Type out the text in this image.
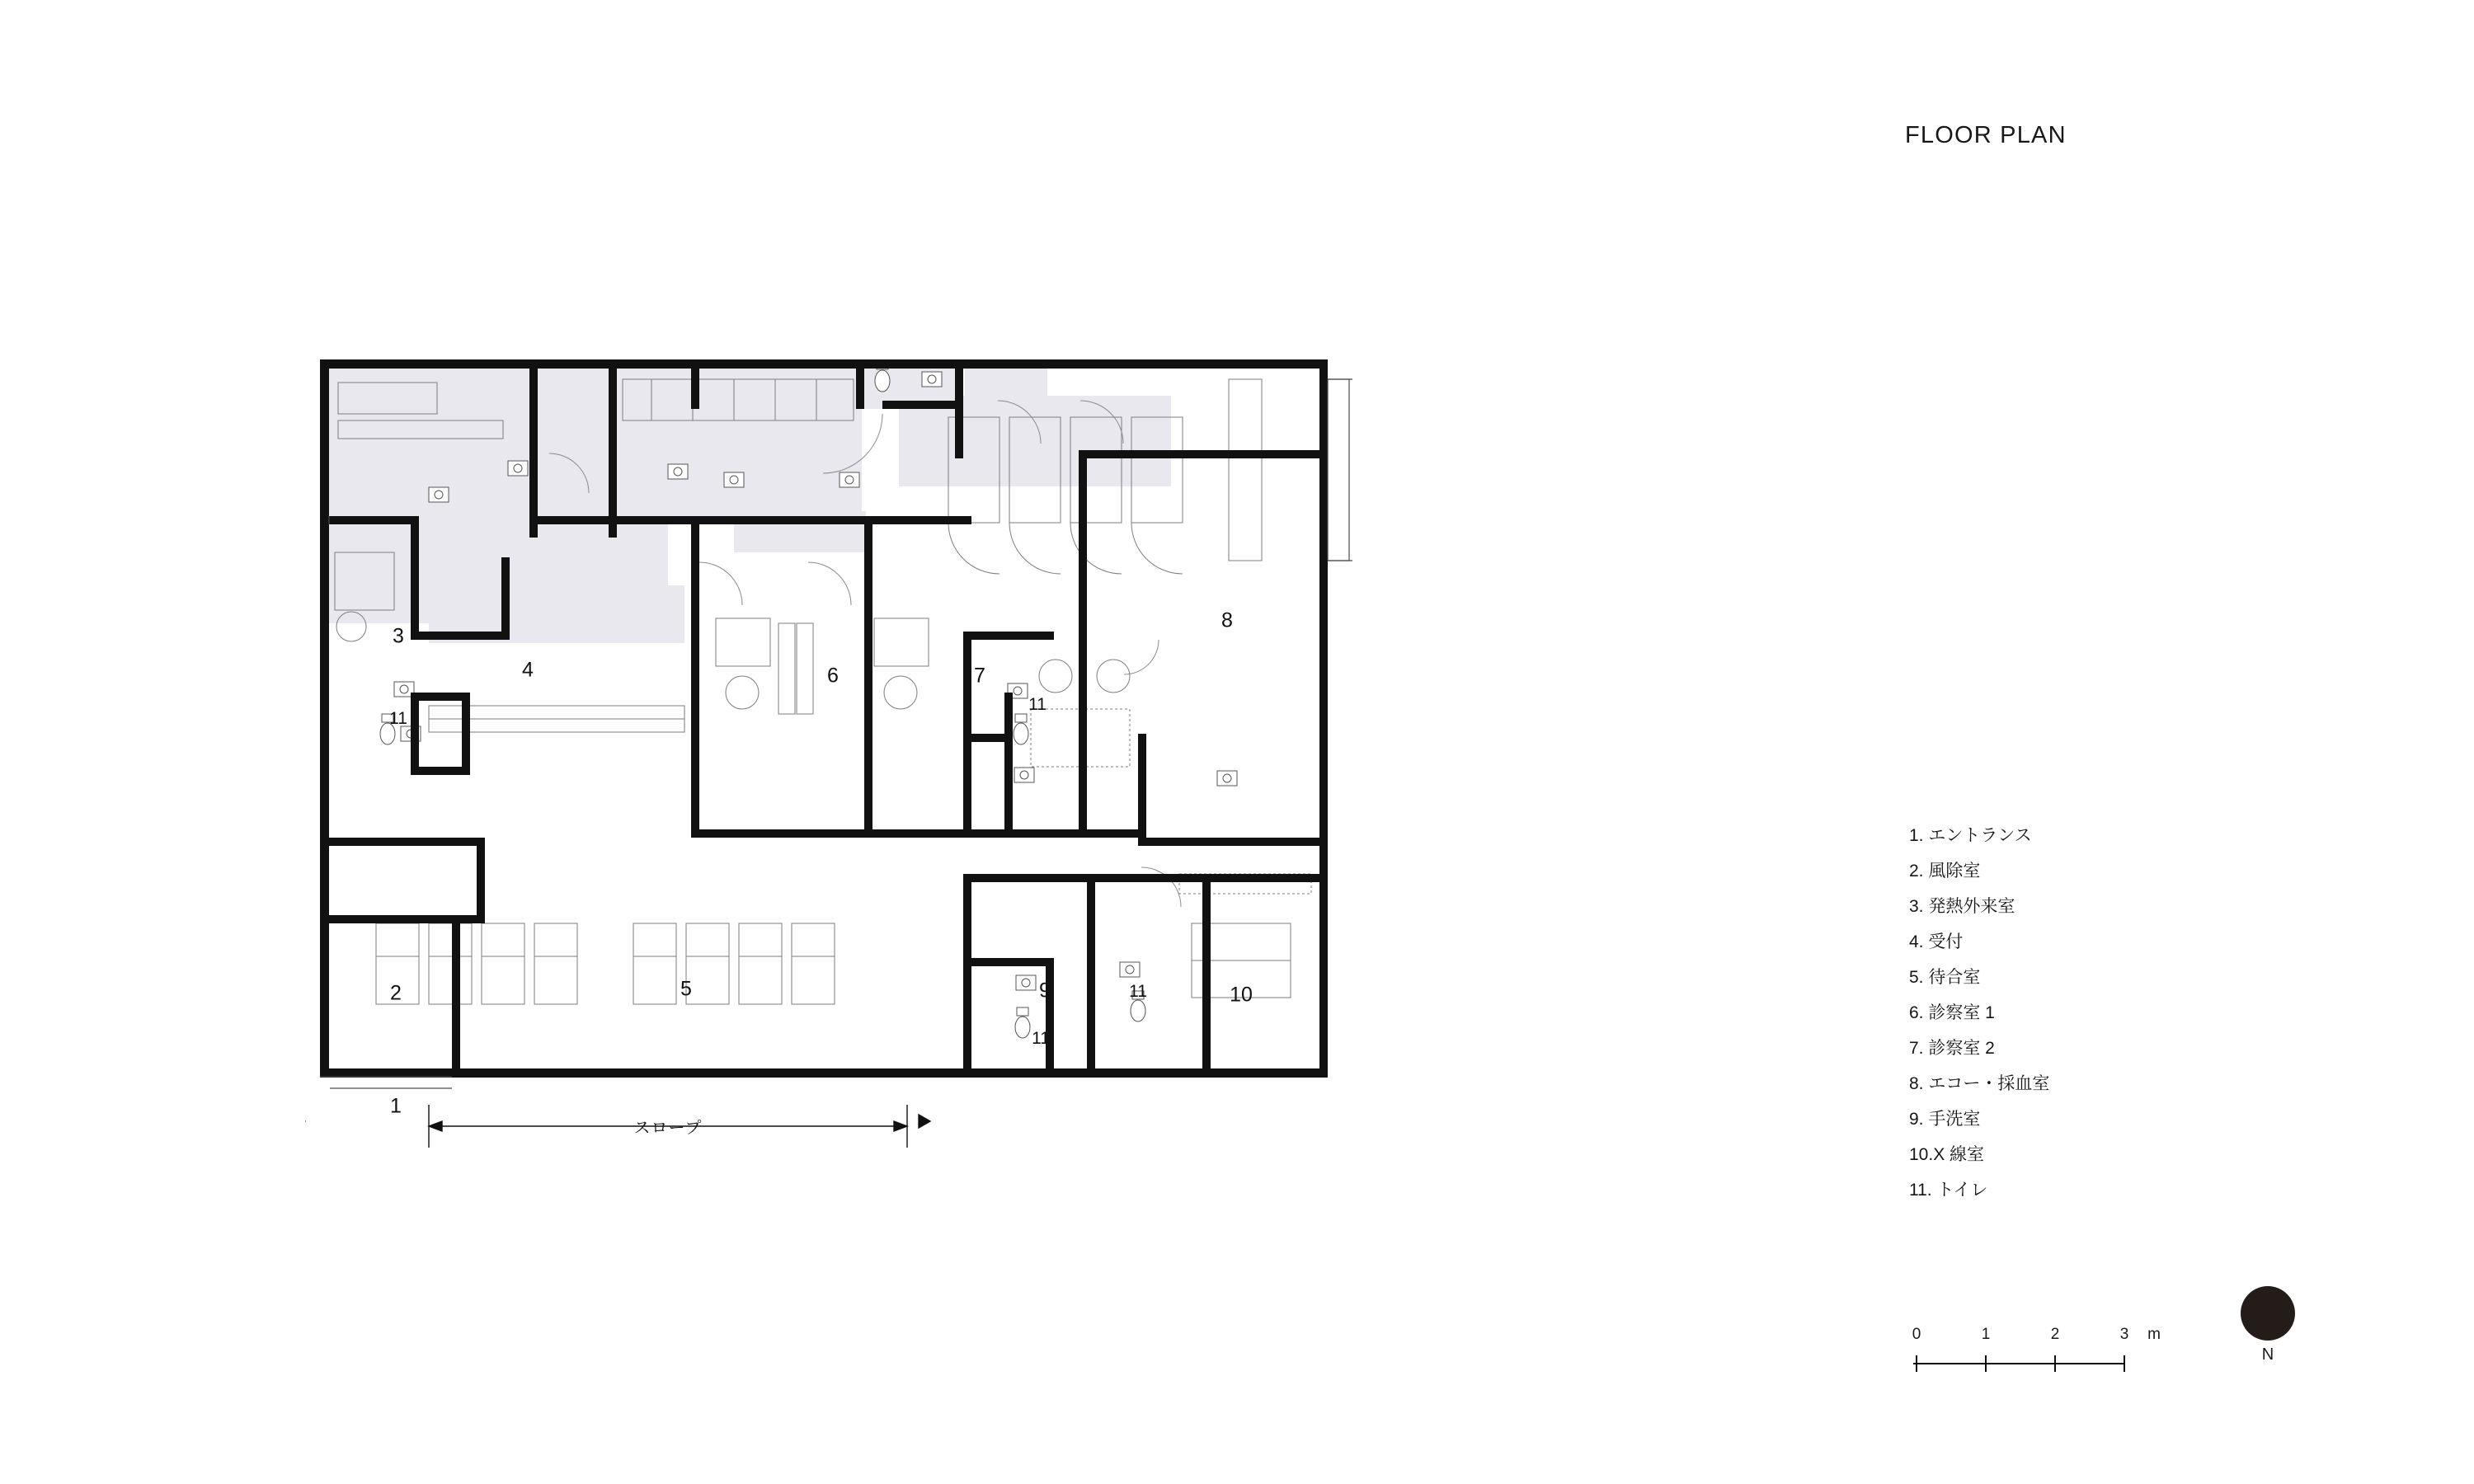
FLOOR PLAN
1
2
3
4
5
6	7
8
9	10
11
11
11
11
スロープ
1. エントランス
2. 風除室
3. 発熱外来室
4. 受付
5. 待合室
6. 診察室 1
7. 診察室 2
8. エコー・採血室
9. 手洗室
10.X 線室
11. トイレ
0	1	2	3 m
N
